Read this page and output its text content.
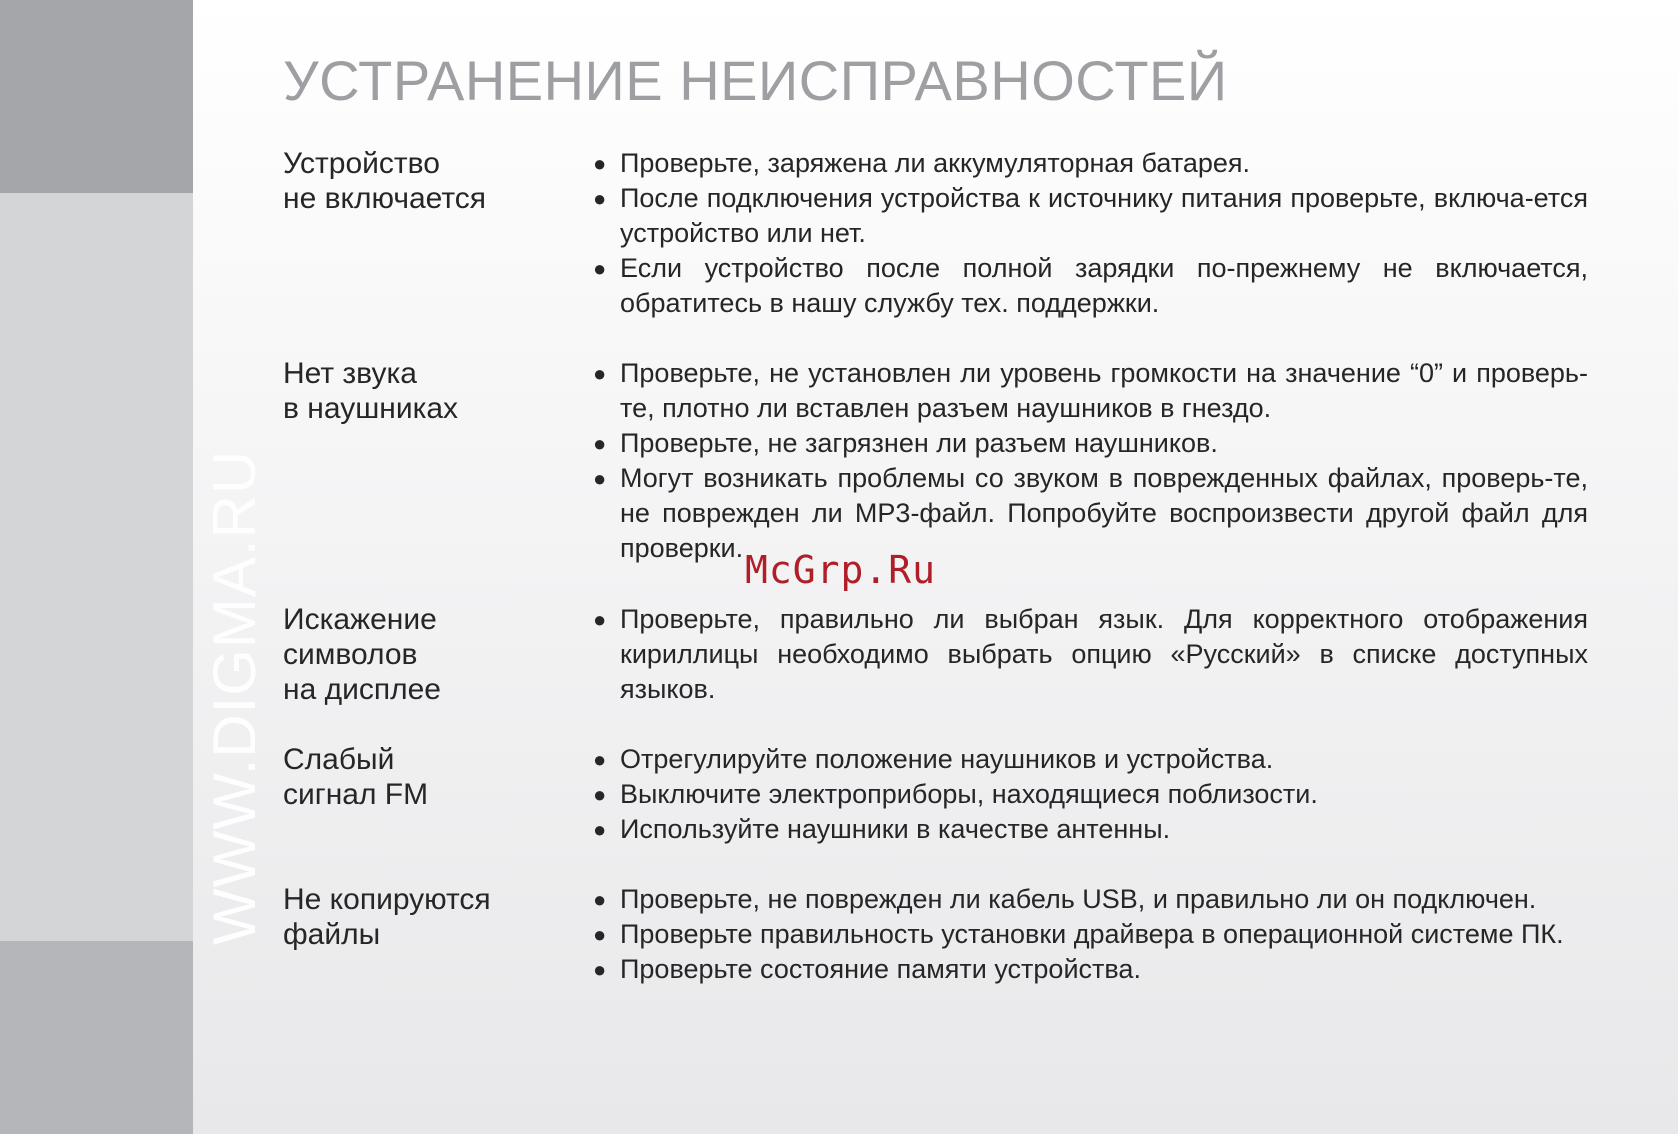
WWW.DIGMA.RU
УСТРАНЕНИЕ НЕИСПРАВНОСТЕЙ
Устройство
не включается
● Проверьте, заряжена ли аккумуляторная батарея.
● После подключения устройства к источнику питания проверьте, включа-ется устройство или нет.
● Если устройство после полной зарядки по-прежнему не включается, обратитесь в нашу службу тех. поддержки.
Нет звука
в наушниках
● Проверьте, не установлен ли уровень громкости на значение “0” и проверь-те, плотно ли вставлен разъем наушников в гнездо.
● Проверьте, не загрязнен ли разъем наушников.
● Могут возникать проблемы со звуком в поврежденных файлах, проверь-те, не поврежден ли MP3-файл. Попробуйте воспроизвести другой файл для проверки.
Искажение
символов
на дисплее
● Проверьте, правильно ли выбран язык. Для корректного отображения кириллицы необходимо выбрать опцию «Русский» в списке доступных языков.
Слабый
сигнал FM
● Отрегулируйте положение наушников и устройства.
● Выключите электроприборы, находящиеся поблизости.
● Используйте наушники в качестве антенны.
Не копируются
файлы
● Проверьте, не поврежден ли кабель USB, и правильно ли он подключен.
● Проверьте правильность установки драйвера в операционной системе ПК.
● Проверьте состояние памяти устройства.
McGrp.Ru
